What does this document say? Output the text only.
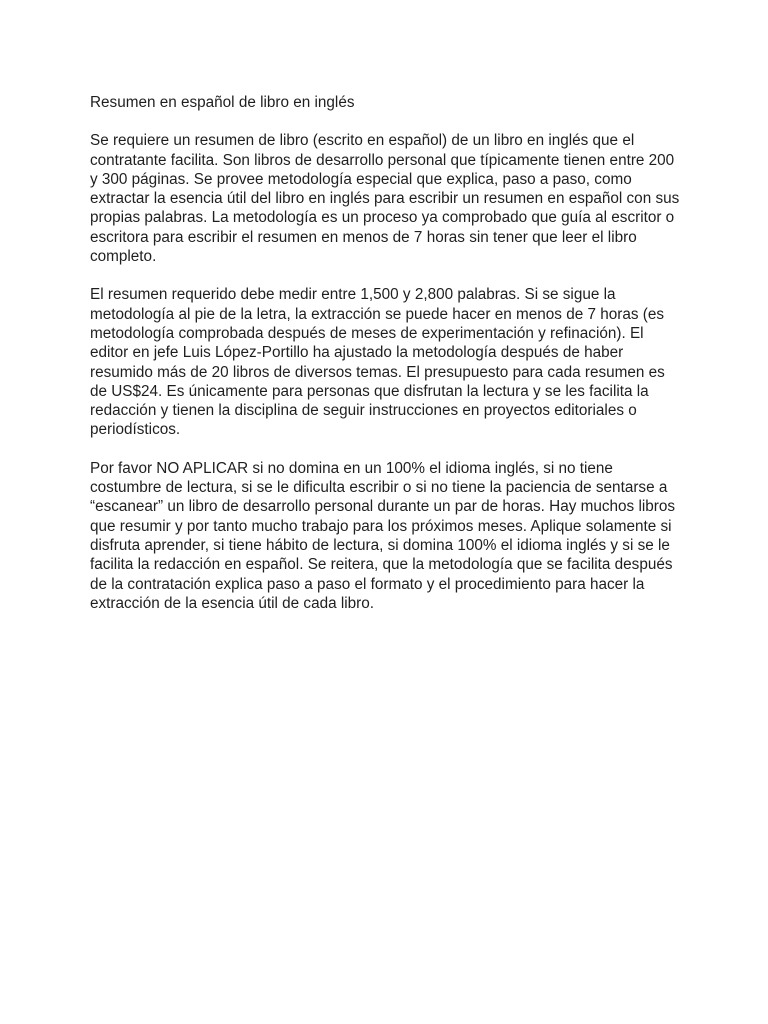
Resumen en español de libro en inglés

Se requiere un resumen de libro (escrito en español) de un libro en inglés que el contratante facilita. Son libros de desarrollo personal que típicamente tienen entre 200 y 300 páginas. Se provee metodología especial que explica, paso a paso, como extractar la esencia útil del libro en inglés para escribir un resumen en español con sus propias palabras. La metodología es un proceso ya comprobado que guía al escritor o escritora para escribir el resumen en menos de 7 horas sin tener que leer el libro completo.

El resumen requerido debe medir entre 1,500 y 2,800 palabras. Si se sigue la metodología al pie de la letra, la extracción se puede hacer en menos de 7 horas (es metodología comprobada después de meses de experimentación y refinación). El editor en jefe Luis López-Portillo ha ajustado la metodología después de haber resumido más de 20 libros de diversos temas. El presupuesto para cada resumen es de US$24. Es únicamente para personas que disfrutan la lectura y se les facilita la redacción y tienen la disciplina de seguir instrucciones en proyectos editoriales o periodísticos.

Por favor NO APLICAR si no domina en un 100% el idioma inglés, si no tiene costumbre de lectura, si se le dificulta escribir o si no tiene la paciencia de sentarse a “escanear” un libro de desarrollo personal durante un par de horas. Hay muchos libros que resumir y por tanto mucho trabajo para los próximos meses. Aplique solamente si disfruta aprender, si tiene hábito de lectura, si domina 100% el idioma inglés y si se le facilita la redacción en español. Se reitera, que la metodología que se facilita después de la contratación explica paso a paso el formato y el procedimiento para hacer la extracción de la esencia útil de cada libro.
